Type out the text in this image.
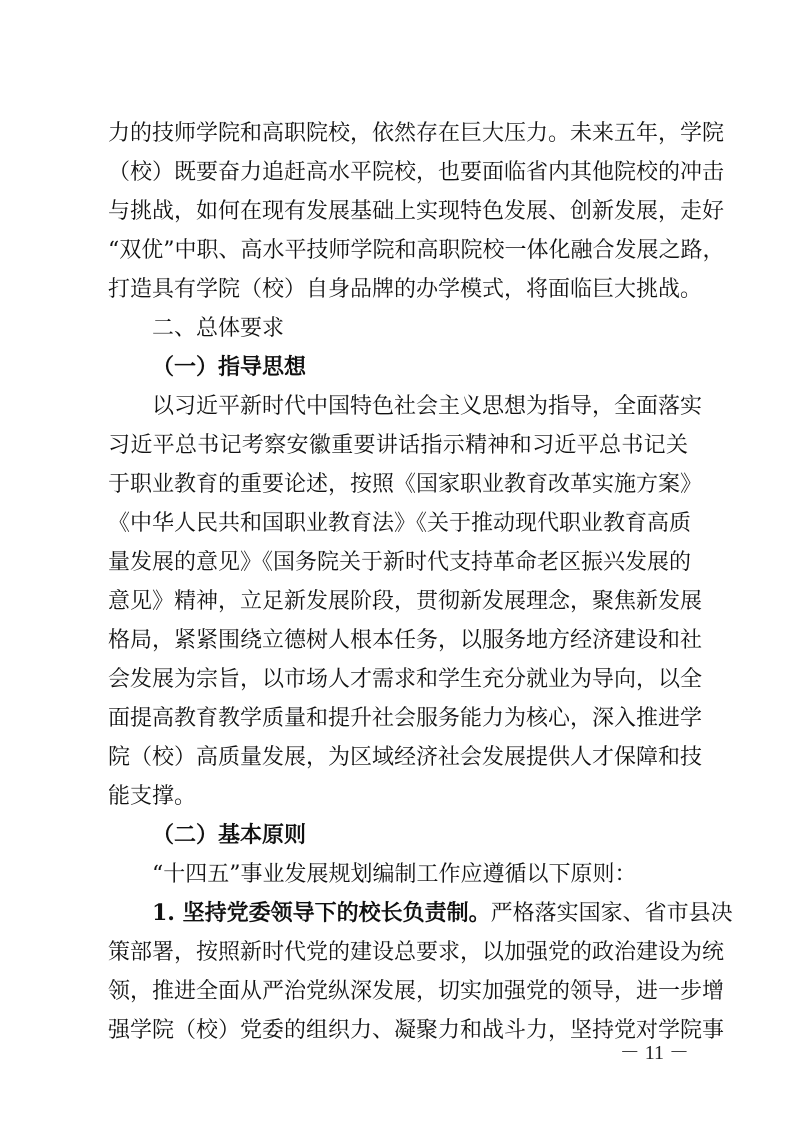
力的技师学院和高职院校，依然存在巨大压力。未来五年，学院
（校）既要奋力追赶高水平院校，也要面临省内其他院校的冲击
与挑战，如何在现有发展基础上实现特色发展、创新发展，走好
“双优”中职、高水平技师学院和高职院校一体化融合发展之路，
打造具有学院（校）自身品牌的办学模式，将面临巨大挑战。
二、总体要求
（一）指导思想
以习近平新时代中国特色社会主义思想为指导，全面落实
习近平总书记考察安徽重要讲话指示精神和习近平总书记关
于职业教育的重要论述，按照《国家职业教育改革实施方案》
《中华人民共和国职业教育法》《关于推动现代职业教育高质
量发展的意见》《国务院关于新时代支持革命老区振兴发展的
意见》精神，立足新发展阶段，贯彻新发展理念，聚焦新发展
格局，紧紧围绕立德树人根本任务，以服务地方经济建设和社
会发展为宗旨，以市场人才需求和学生充分就业为导向，以全
面提高教育教学质量和提升社会服务能力为核心，深入推进学
院（校）高质量发展，为区域经济社会发展提供人才保障和技
能支撑。
（二）基本原则
“十四五”事业发展规划编制工作应遵循以下原则：
1. 坚持党委领导下的校长负责制。严格落实国家、省市县决
策部署，按照新时代党的建设总要求，以加强党的政治建设为统
领，推进全面从严治党纵深发展，切实加强党的领导，进一步增
强学院（校）党委的组织力、凝聚力和战斗力，坚持党对学院事
－ 11 －
